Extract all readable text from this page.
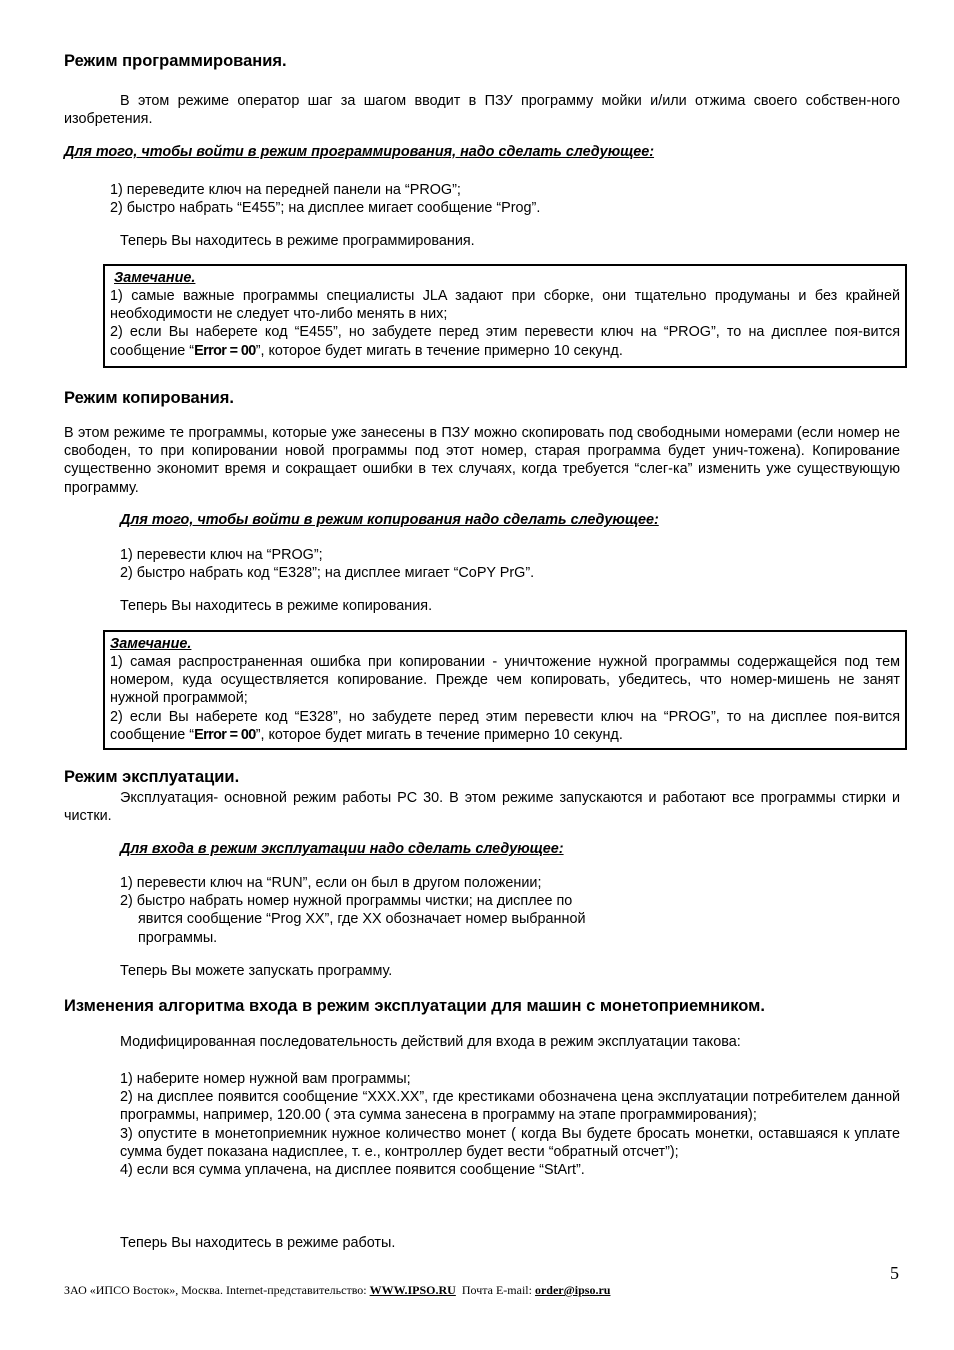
Режим программирования.

В этом режиме оператор шаг за шагом вводит в ПЗУ программу мойки и/или отжима своего собствен-ного изобретения.

Для того, чтобы войти в режим программирования, надо сделать следующее:
1) переведите ключ на передней панели на “PROG”;
2) быстро набрать “E455”; на дисплее мигает сообщение “Prog”.
Теперь Вы находитесь в режиме программирования.
Замечание.

1) самые важные программы специалисты JLA задают при сборке, они тщательно продуманы и без крайней необходимости не следует что-либо менять в них;

2) если Вы наберете код “E455”, но забудете перед этим перевести ключ на “PROG”, то на дисплее поя-вится сообщение “Error = 00”, которое будет мигать в течение примерно 10 секунд.

Режим копирования.

В этом режиме те программы, которые уже занесены в ПЗУ можно скопировать под свободными номерами (если номер не свободен, то при копировании новой программы под этот номер, старая программа будет унич-тожена). Копирование существенно экономит время и сокращает ошибки в тех случаях, когда требуется “слег-ка” изменить уже существующую программу.

Для того, чтобы войти в режим копирования надо сделать следующее:
1) перевести ключ на “PROG”;
2) быстро набрать код “E328”; на дисплее мигает “CoPY PrG”.
Теперь Вы находитесь в режиме копирования.
Замечание.

1) самая распространенная ошибка при копировании - уничтожение нужной программы содержащейся под тем номером, куда осуществляется копирование. Прежде чем копировать, убедитесь, что номер-мишень не занят нужной программой;

2) если Вы наберете код “E328”, но забудете перед этим перевести ключ на “PROG”, то на дисплее поя-вится сообщение “Error = 00”, которое будет мигать в течение примерно 10 секунд.

Режим эксплуатации.

Эксплуатация- основной режим работы PC 30. В этом режиме запускаются и работают все программы стирки и чистки.

Для входа в режим эксплуатации надо сделать следующее:
1) перевести ключ на “RUN”, если он был в другом положении;
2) быстро набрать номер нужной программы чистки; на дисплее по
явится сообщение “Prog XX”, где XX обозначает номер выбранной
программы.
Теперь Вы можете запускать программу.
Изменения алгоритма входа в режим эксплуатации для машин с монетоприемником.
Модифицированная последовательность действий для входа в режим эксплуатации такова:

1) наберите номер нужной вам программы;

2) на дисплее появится сообщение “XXX.XX”, где крестиками обозначена цена эксплуатации потребителем данной программы, например, 120.00 ( эта сумма занесена в программу на этапе программирования);

3) опустите в монетоприемник нужное количество монет ( когда Вы будете бросать монетки, оставшаяся к уплате сумма будет показана надисплее, т. е., контроллер будет вести “обратный отсчет”);

4) если вся сумма уплачена, на дисплее появится сообщение “StArt”.

Теперь Вы находитесь в режиме работы.
5
ЗАО «ИПСО Восток», Москва. Internet-представительство: WWW.IPSO.RU  Почта E-mail: order@ipso.ru
